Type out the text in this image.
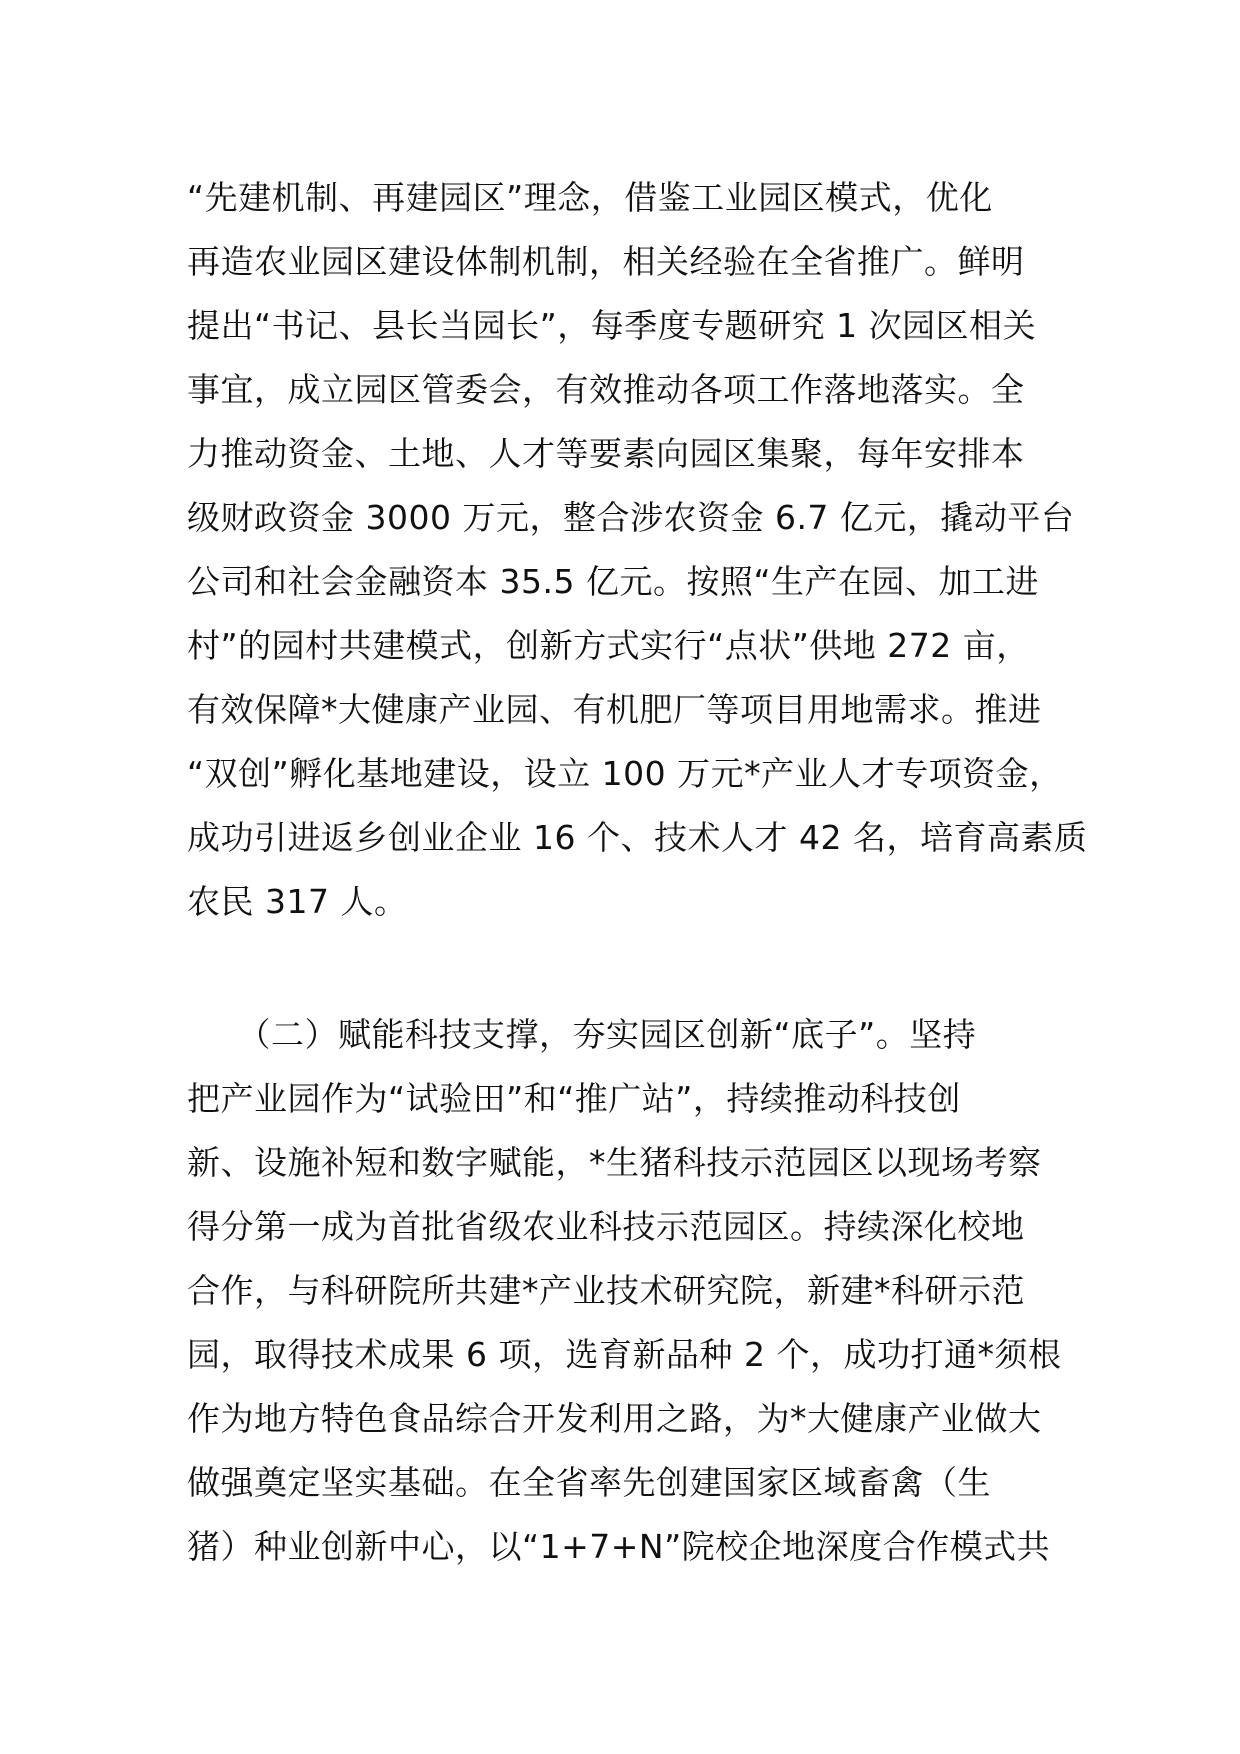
“先建机制、再建园区”理念，借鉴工业园区模式，优化
再造农业园区建设体制机制，相关经验在全省推广。鲜明
提出“书记、县长当园长”，每季度专题研究 1 次园区相关
事宜，成立园区管委会，有效推动各项工作落地落实。全
力推动资金、土地、人才等要素向园区集聚，每年安排本
级财政资金 3000 万元，整合涉农资金 6.7 亿元，撬动平台
公司和社会金融资本 35.5 亿元。按照“生产在园、加工进
村”的园村共建模式，创新方式实行“点状”供地 272 亩，
有效保障*大健康产业园、有机肥厂等项目用地需求。推进
“双创”孵化基地建设，设立 100 万元*产业人才专项资金，
成功引进返乡创业企业 16 个、技术人才 42 名，培育高素质
农民 317 人。
　　（二）赋能科技支撑，夯实园区创新“底子”。坚持
把产业园作为“试验田”和“推广站”，持续推动科技创
新、设施补短和数字赋能，*生猪科技示范园区以现场考察
得分第一成为首批省级农业科技示范园区。持续深化校地
合作，与科研院所共建*产业技术研究院，新建*科研示范
园，取得技术成果 6 项，选育新品种 2 个，成功打通*须根
作为地方特色食品综合开发利用之路，为*大健康产业做大
做强奠定坚实基础。在全省率先创建国家区域畜禽（生
猪）种业创新中心，以“1+7+N”院校企地深度合作模式共
